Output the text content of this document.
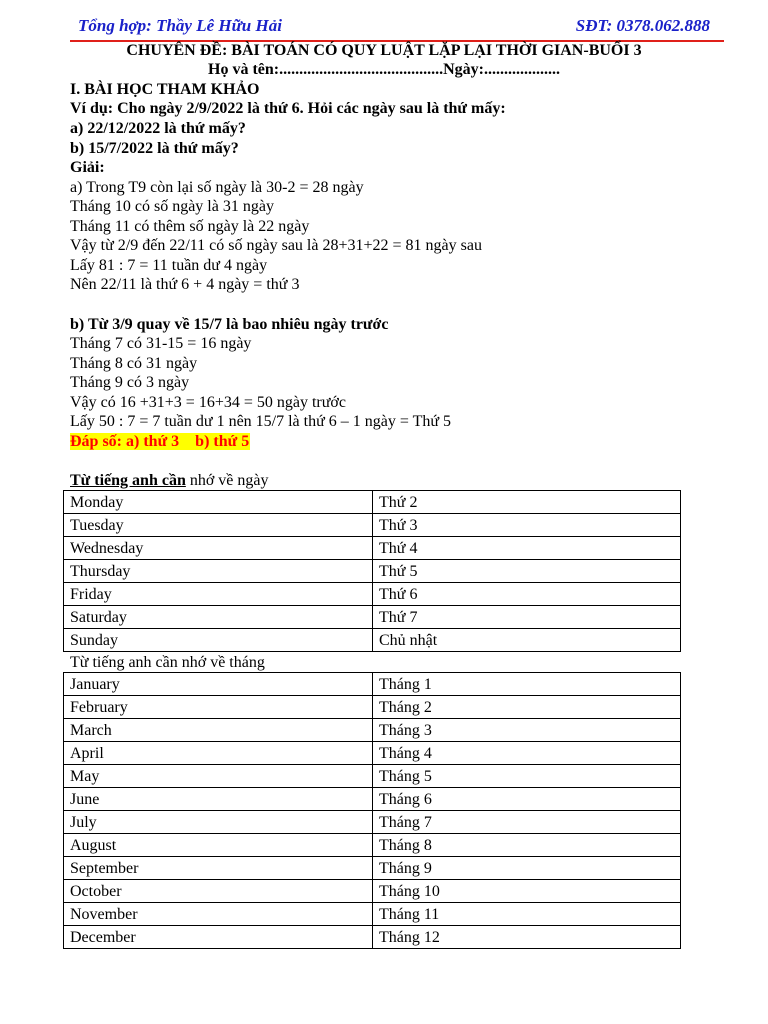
Tổng hợp: Thầy Lê Hữu Hải	SĐT: 0378.062.888
CHUYÊN ĐỀ: BÀI TOÁN CÓ QUY LUẬT LẶP LẠI THỜI GIAN-BUỔI 3
Họ và tên:.........................................Ngày:...................
I. BÀI HỌC THAM KHẢO
Ví dụ: Cho ngày 2/9/2022 là thứ 6. Hỏi các ngày sau là thứ mấy:
a) 22/12/2022 là thứ mấy?
b) 15/7/2022 là thứ mấy?
Giải:
a) Trong T9 còn lại số ngày là 30-2 = 28 ngày
Tháng 10 có số ngày là 31 ngày
Tháng 11 có thêm số ngày là 22 ngày
Vậy từ 2/9 đến 22/11 có số ngày sau là 28+31+22 = 81 ngày sau
Lấy 81 : 7 = 11 tuần dư 4 ngày
Nên 22/11 là thứ 6 + 4 ngày = thứ 3
b) Từ 3/9 quay về 15/7 là bao nhiêu ngày trước
Tháng 7 có 31-15 = 16 ngày
Tháng 8 có 31 ngày
Tháng 9 có 3 ngày
Vậy có 16 +31+3 = 16+34 = 50 ngày trước
Lấy 50 : 7 = 7 tuần dư 1 nên 15/7 là thứ 6 – 1 ngày = Thứ 5
Đáp số: a) thứ 3    b) thứ 5
Từ tiếng anh cần nhớ về ngày
Monday	Thứ 2
Tuesday	Thứ 3
Wednesday	Thứ 4
Thursday	Thứ 5
Friday	Thứ 6
Saturday	Thứ 7
Sunday	Chủ nhật
Từ tiếng anh cần nhớ về tháng
January	Tháng 1
February	Tháng 2
March	Tháng 3
April	Tháng 4
May	Tháng 5
June	Tháng 6
July	Tháng 7
August	Tháng 8
September	Tháng 9
October	Tháng 10
November	Tháng 11
December	Tháng 12
